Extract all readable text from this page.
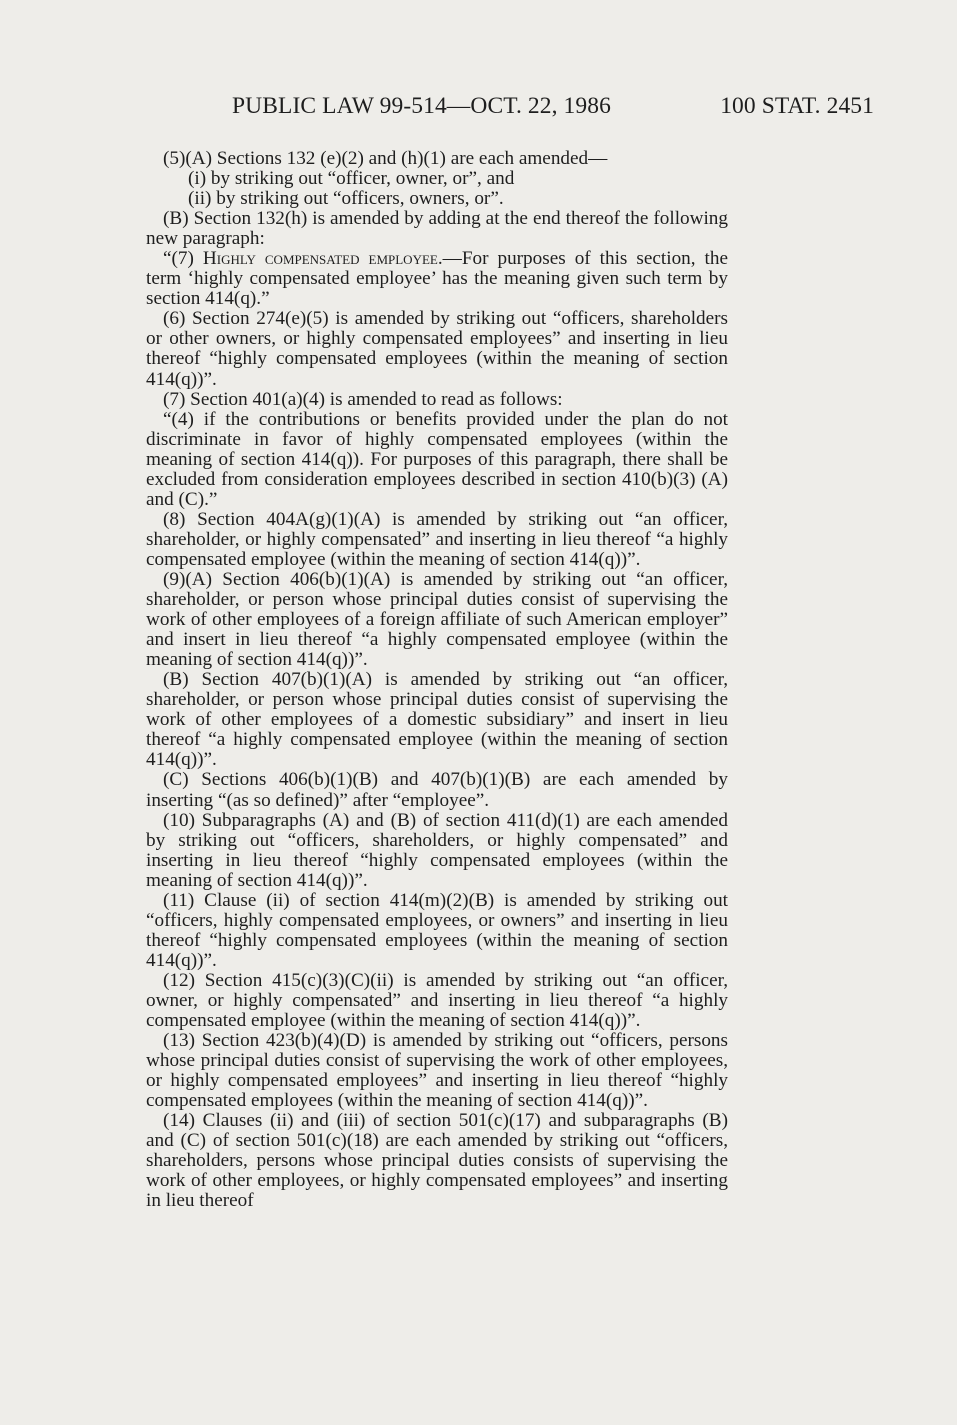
PUBLIC LAW 99-514—OCT. 22, 1986	100 STAT. 2451

(5)(A) Sections 132 (e)(2) and (h)(1) are each amended—

(i) by striking out “officer, owner, or”, and

(ii) by striking out “officers, owners, or”.

(B) Section 132(h) is amended by adding at the end thereof the following new paragraph:

“(7) Highly compensated employee.—For purposes of this section, the term ‘highly compensated employee’ has the meaning given such term by section 414(q).”

(6) Section 274(e)(5) is amended by striking out “officers, shareholders or other owners, or highly compensated employees” and inserting in lieu thereof “highly compensated employees (within the meaning of section 414(q))”.

(7) Section 401(a)(4) is amended to read as follows:

“(4) if the contributions or benefits provided under the plan do not discriminate in favor of highly compensated employees (within the meaning of section 414(q)). For purposes of this paragraph, there shall be excluded from consideration employees described in section 410(b)(3) (A) and (C).”

(8) Section 404A(g)(1)(A) is amended by striking out “an officer, shareholder, or highly compensated” and inserting in lieu thereof “a highly compensated employee (within the meaning of section 414(q))”.

(9)(A) Section 406(b)(1)(A) is amended by striking out “an officer, shareholder, or person whose principal duties consist of supervising the work of other employees of a foreign affiliate of such American employer” and insert in lieu thereof “a highly compensated employee (within the meaning of section 414(q))”.

(B) Section 407(b)(1)(A) is amended by striking out “an officer, shareholder, or person whose principal duties consist of supervising the work of other employees of a domestic subsidiary” and insert in lieu thereof “a highly compensated employee (within the meaning of section 414(q))”.

(C) Sections 406(b)(1)(B) and 407(b)(1)(B) are each amended by inserting “(as so defined)” after “employee”.

(10) Subparagraphs (A) and (B) of section 411(d)(1) are each amended by striking out “officers, shareholders, or highly compensated” and inserting in lieu thereof “highly compensated employees (within the meaning of section 414(q))”.

(11) Clause (ii) of section 414(m)(2)(B) is amended by striking out “officers, highly compensated employees, or owners” and inserting in lieu thereof “highly compensated employees (within the meaning of section 414(q))”.

(12) Section 415(c)(3)(C)(ii) is amended by striking out “an officer, owner, or highly compensated” and inserting in lieu thereof “a highly compensated employee (within the meaning of section 414(q))”.

(13) Section 423(b)(4)(D) is amended by striking out “officers, persons whose principal duties consist of supervising the work of other employees, or highly compensated employees” and inserting in lieu thereof “highly compensated employees (within the meaning of section 414(q))”.

(14) Clauses (ii) and (iii) of section 501(c)(17) and subparagraphs (B) and (C) of section 501(c)(18) are each amended by striking out “officers, shareholders, persons whose principal duties consists of supervising the work of other employees, or highly compensated employees” and inserting in lieu thereof
